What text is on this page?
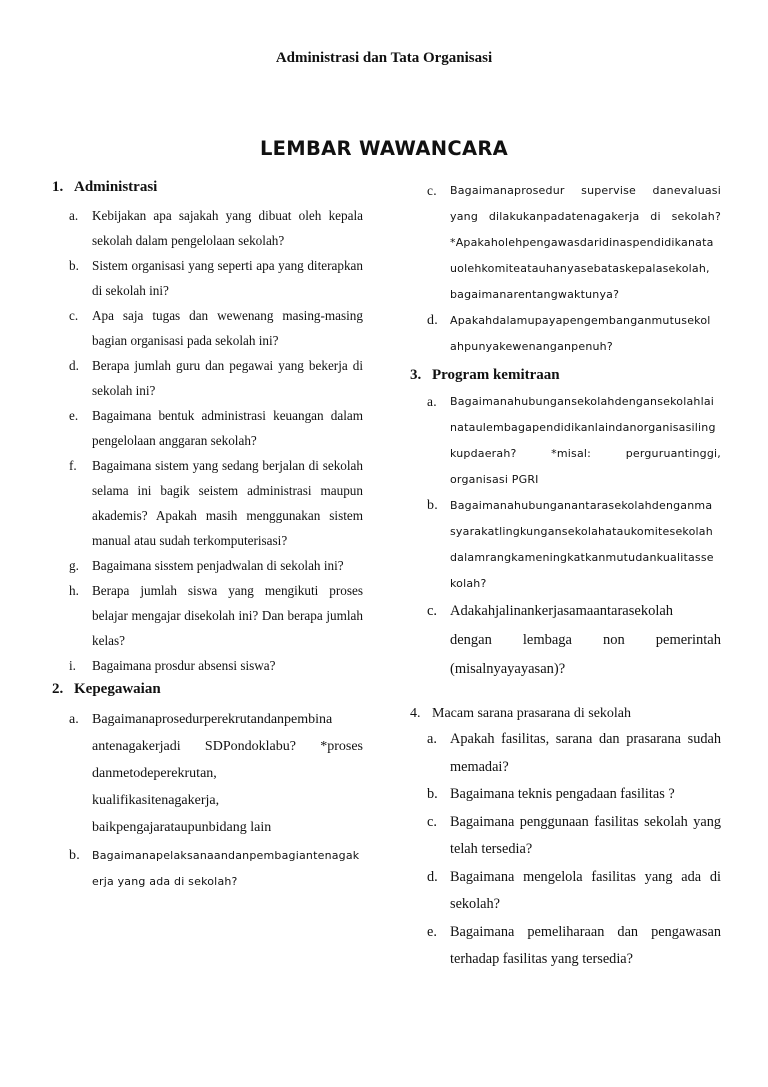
Administrasi dan Tata Organisasi
LEMBAR WAWANCARA
1. Administrasi
a. Kebijakan apa sajakah yang dibuat oleh kepala sekolah dalam pengelolaan sekolah?
b. Sistem organisasi yang seperti apa yang diterapkan di sekolah ini?
c. Apa saja tugas dan wewenang masing-masing bagian organisasi pada sekolah ini?
d. Berapa jumlah guru dan pegawai yang bekerja di sekolah ini?
e. Bagaimana bentuk administrasi keuangan dalam pengelolaan anggaran sekolah?
f. Bagaimana sistem yang sedang berjalan di sekolah selama ini bagik seistem administrasi maupun akademis? Apakah masih menggunakan sistem manual atau sudah terkomputerisasi?
g. Bagaimana sisstem penjadwalan di sekolah ini?
h. Berapa jumlah siswa yang mengikuti proses belajar mengajar disekolah ini? Dan berapa jumlah kelas?
i. Bagaimana prosdur absensi siswa?
2. Kepegawaian
a. Bagaimanaprosedurperekrutandanpembina
antenagakerjadi SDPondoklabu? *proses
danmetodeperekrutan,
kualifikasitenagakerja,
baikpengajarataupunbidang lain
b. Bagaimanapelaksanaandanpembagiantenagak
erja yang ada di sekolah?
c. Bagaimanaprosedur supervise danevaluasi
yang dilakukanpadatenagakerja di sekolah?
*Apakaholehpengawasdaridinaspendidikanata
uolehkomiteatauhanyasebataskepalasekolah,
bagaimanarentangwaktunya?
d. Apakahdalamupayapengembanganmutusekol
ahpunyakewenanganpenuh?
3. Program kemitraan
a. Bagaimanahubungansekolahdengansekolahlai
nataulembagapendidikanlaindanorganisasiling
kupdaerah? *misal: perguruantinggi,
organisasi PGRI
b. Bagaimanahubunganantarasekolahdenganma
syarakatlingkungansekolahataukomitesekolah
dalamrangkameningkatkanmutudankualitasse
kolah?
c. Adakahjalinankerjasamaantarasekolah
dengan lembaga non pemerintah
(misalnyayayasan)?
4. Macam sarana prasarana di sekolah
a. Apakah fasilitas, sarana dan prasarana sudah memadai?
b. Bagaimana teknis pengadaan fasilitas ?
c. Bagaimana penggunaan fasilitas sekolah yang telah tersedia?
d. Bagaimana mengelola fasilitas yang ada di sekolah?
e. Bagaimana pemeliharaan dan pengawasan terhadap fasilitas yang tersedia?
